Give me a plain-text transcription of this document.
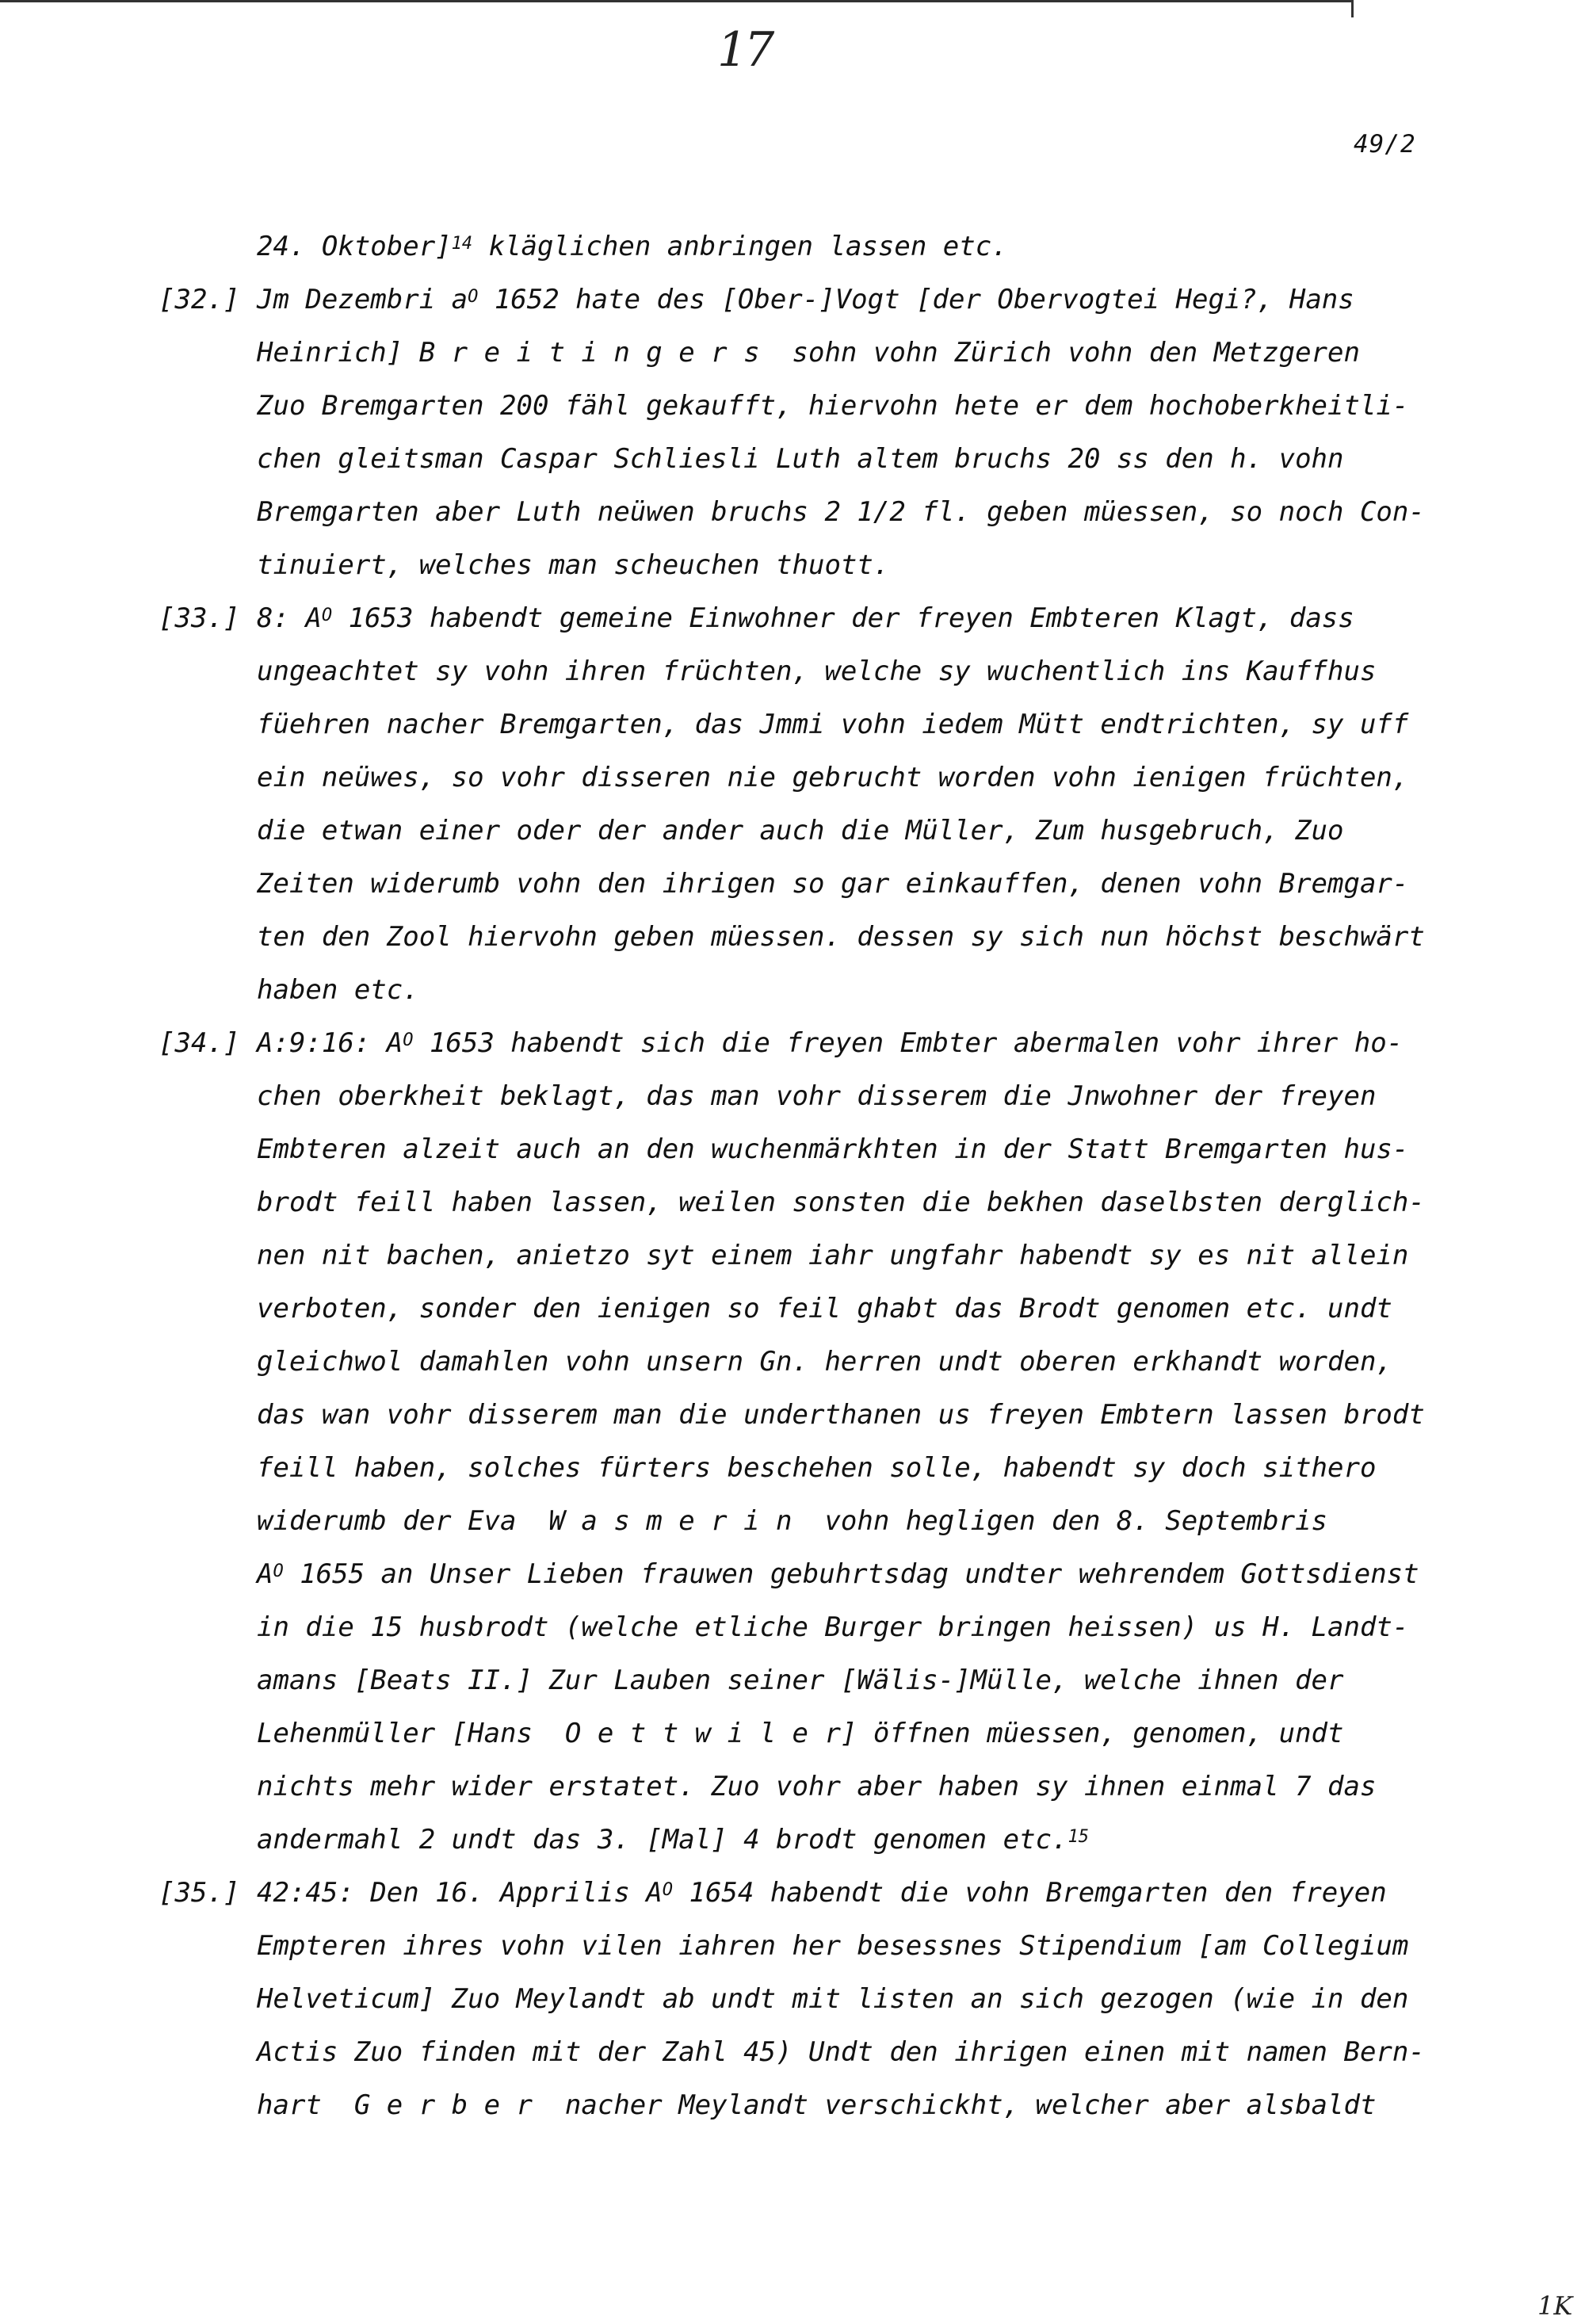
17
49/2
24. Oktober]$^{14}$ kläglichen anbringen lassen etc.
[32.] Jm Dezembri $a^O$ 1652 hate des [Ober-]Vogt [der Obervogtei Hegi?, Hans
Heinrich] B r e i t i n g e r s  sohn vohn Zürich vohn den Metzgeren
Zuo Bremgarten 200 fähl gekaufft, hiervohn hete er dem hochoberkheitli-
chen gleitsman Caspar Schliesli Luth altem bruchs 20 ss den h. vohn
Bremgarten aber Luth neüwen bruchs 2 1/2 fl. geben müessen, so noch Con-
tinuiert, welches man scheuchen thuott.
[33.] 8: $A^O$ 1653 habendt gemeine Einwohner der freyen Embteren Klagt, dass
ungeachtet sy vohn ihren früchten, welche sy wuchentlich ins Kauffhus
füehren nacher Bremgarten, das Jmmi vohn iedem Mütt endtrichten, sy uff
ein neüwes, so vohr disseren nie gebrucht worden vohn ienigen früchten,
die etwan einer oder der ander auch die Müller, Zum husgebruch, Zuo
Zeiten widerumb vohn den ihrigen so gar einkauffen, denen vohn Bremgar-
ten den Zool hiervohn geben müessen. dessen sy sich nun höchst beschwärt
haben etc.
[34.] A:9:16: $A^O$ 1653 habendt sich die freyen Embter abermalen vohr ihrer ho-
chen oberkheit beklagt, das man vohr disserem die Jnwohner der freyen
Embteren alzeit auch an den wuchenmärkhten in der Statt Bremgarten hus-
brodt feill haben lassen, weilen sonsten die bekhen daselbsten derglich-
nen nit bachen, anietzo syt einem iahr ungfahr habendt sy es nit allein
verboten, sonder den ienigen so feil ghabt das Brodt genomen etc. undt
gleichwol damahlen vohn unsern Gn. herren undt oberen erkhandt worden,
das wan vohr disserem man die underthanen us freyen Embtern lassen brodt
feill haben, solches fürters beschehen solle, habendt sy doch sithero
widerumb der Eva  W a s m e r i n  vohn hegligen den 8. Septembris
$A^O$ 1655 an Unser Lieben frauwen gebuhrtsdag undter wehrendem Gottsdienst
in die 15 husbrodt (welche etliche Burger bringen heissen) us H. Landt-
amans [Beats II.] Zur Lauben seiner [Wälis-]Mülle, welche ihnen der
Lehenmüller [Hans  O e t t w i l e r] öffnen müessen, genomen, undt
nichts mehr wider erstatet. Zuo vohr aber haben sy ihnen einmal 7 das
andermahl 2 undt das 3. [Mal] 4 brodt genomen etc.$^{15}$
[35.] 42:45: Den 16. Apprilis $A^O$ 1654 habendt die vohn Bremgarten den freyen
Empteren ihres vohn vilen iahren her besessnes Stipendium [am Collegium
Helveticum] Zuo Meylandt ab undt mit listen an sich gezogen (wie in den
Actis Zuo finden mit der Zahl 45) Undt den ihrigen einen mit namen Bern-
hart  G e r b e r  nacher Meylandt verschickht, welcher aber alsbaldt
1K
